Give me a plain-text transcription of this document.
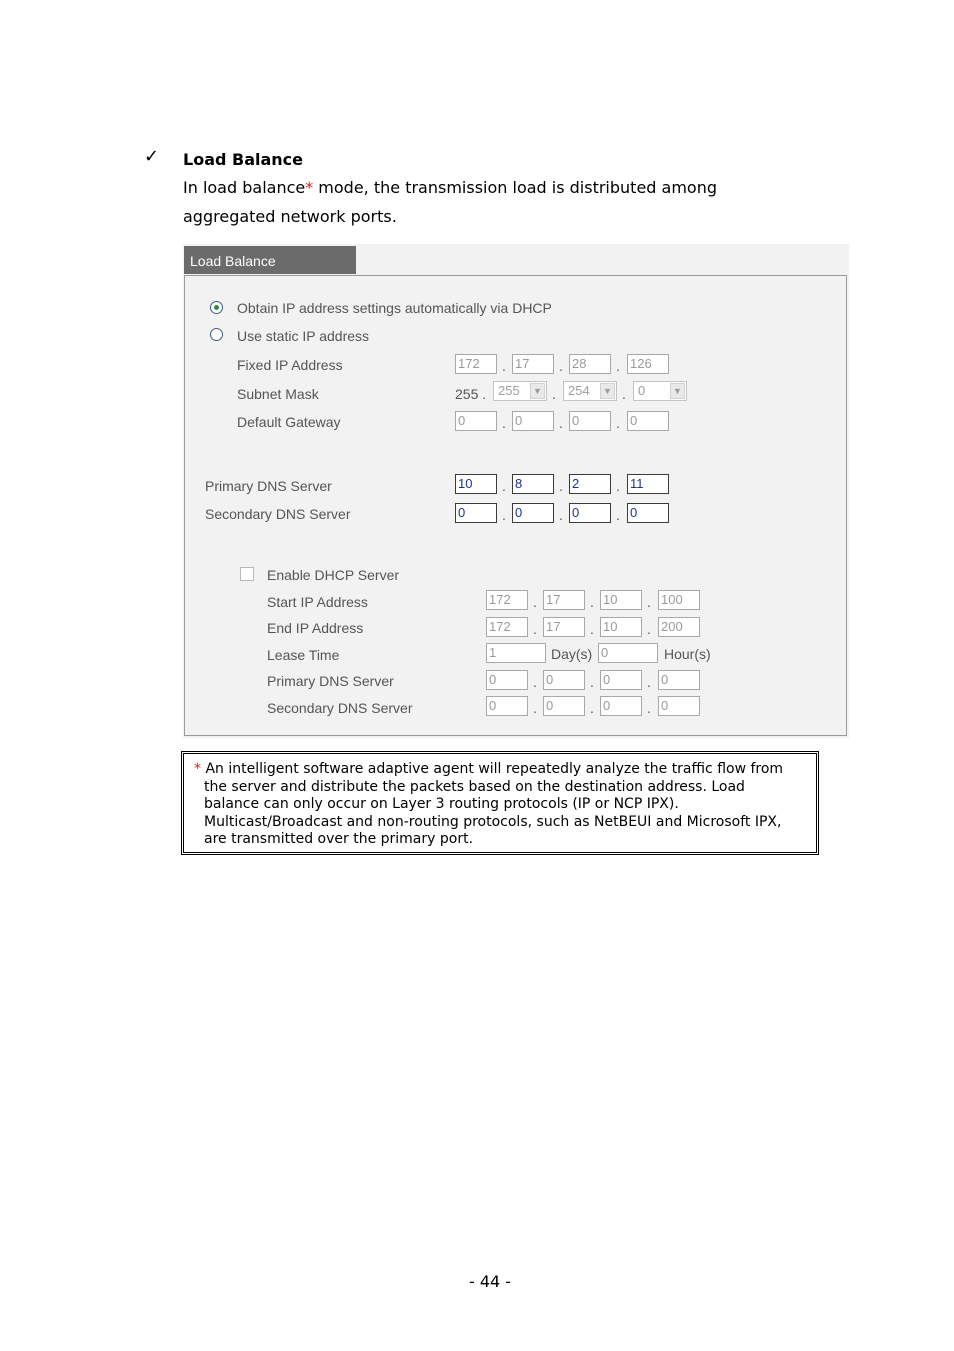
✓ Load Balance
In load balance* mode, the transmission load is distributed among
aggregated network ports.
Load Balance
Obtain IP address settings automatically via DHCP
Use static IP address
Fixed IP Address	172	. 17	. 28	. 126
Subnet Mask	255 . 255	▼ . 254	▼ . 0	▼
Default Gateway	0	. 0	. 0	. 0
Primary DNS Server	10	. 8	. 2	. 11
Secondary DNS Server	0	. 0	. 0	. 0
Enable DHCP Server
Start IP Address	172	. 17	. 10	. 100
End IP Address	172	. 17	. 10	. 200
Lease Time	1	Day(s) 0	Hour(s)
Primary DNS Server	0	. 0	. 0	. 0
Secondary DNS Server	0	. 0	. 0	. 0
* An intelligent software adaptive agent will repeatedly analyze the traffic flow from
the server and distribute the packets based on the destination address. Load
balance can only occur on Layer 3 routing protocols (IP or NCP IPX).
Multicast/Broadcast and non-routing protocols, such as NetBEUI and Microsoft IPX,
are transmitted over the primary port.
- 44 -
